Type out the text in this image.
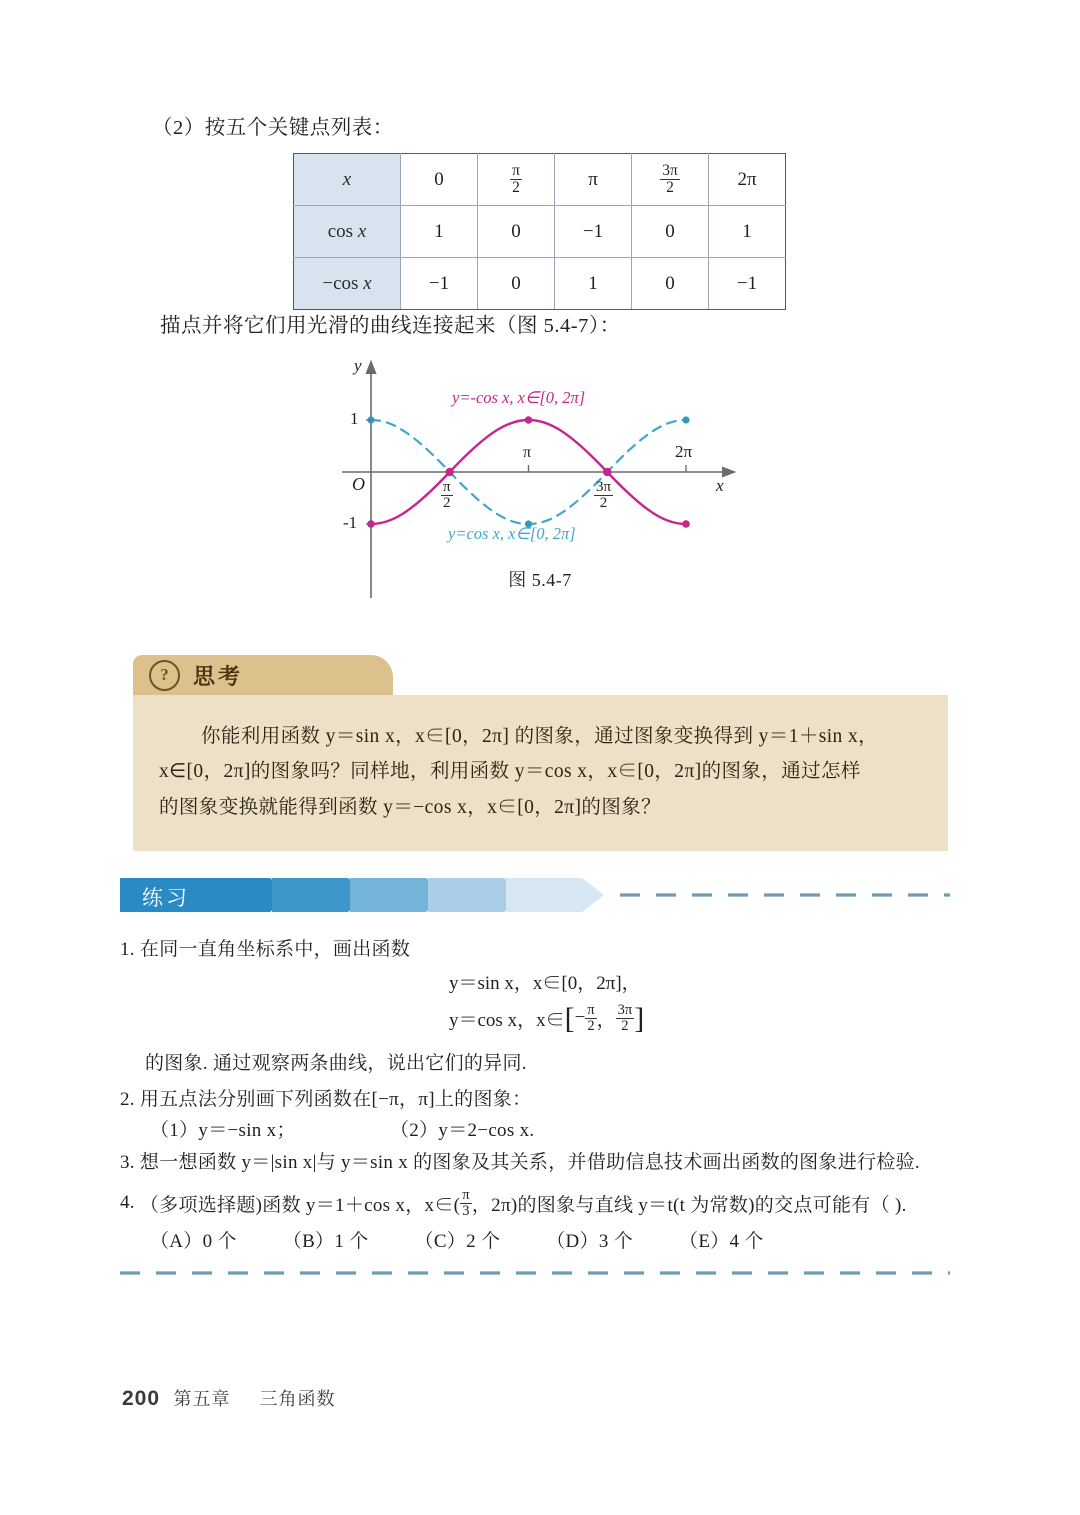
（2）按五个关键点列表：
x	0	$\frac{\pi}{2}$	π	$\frac{3\pi}{2}$	2π
cos x	1	0	−1	0	1
−cos x	−1	0	1	0	−1
描点并将它们用光滑的曲线连接起来（图 5.4-7）：
y
x
O
1
-1
π	2π
$\frac{\pi}{2}$	$\frac{3\pi}{2}$
y=-cos x, x∈[0, 2π]
y=cos x, x∈[0, 2π]
图 5.4-7
?	思考
你能利用函数 y＝sin x，x∈[0，2π] 的图象，通过图象变换得到 y＝1＋sin x，
x∈[0，2π]的图象吗？同样地，利用函数 y＝cos x，x∈[0，2π]的图象，通过怎样
的图象变换就能得到函数 y＝−cos x，x∈[0，2π]的图象？
练习
1. 在同一直角坐标系中，画出函数
y＝sin x，x∈[0，2π]，
y＝cos x，x∈ [ − $\frac{\pi}{2}$ ， $\frac{3\pi}{2}$ ]
的图象. 通过观察两条曲线，说出它们的异同.
2. 用五点法分别画下列函数在[−π，π]上的图象：
（1）y＝−sin x；	（2）y＝2−cos x.
3. 想一想函数 y＝|sin x|与 y＝sin x 的图象及其关系，并借助信息技术画出函数的图象进行检验.
4. （多项选择题)函数 y＝1＋cos x，x∈( $\frac{\pi}{3}$ ，2π)的图象与直线 y＝t(t 为常数)的交点可能有（ ).
（A）0 个 （B）1 个 （C）2 个 （D）3 个 （E）4 个
200 第五章 三角函数
